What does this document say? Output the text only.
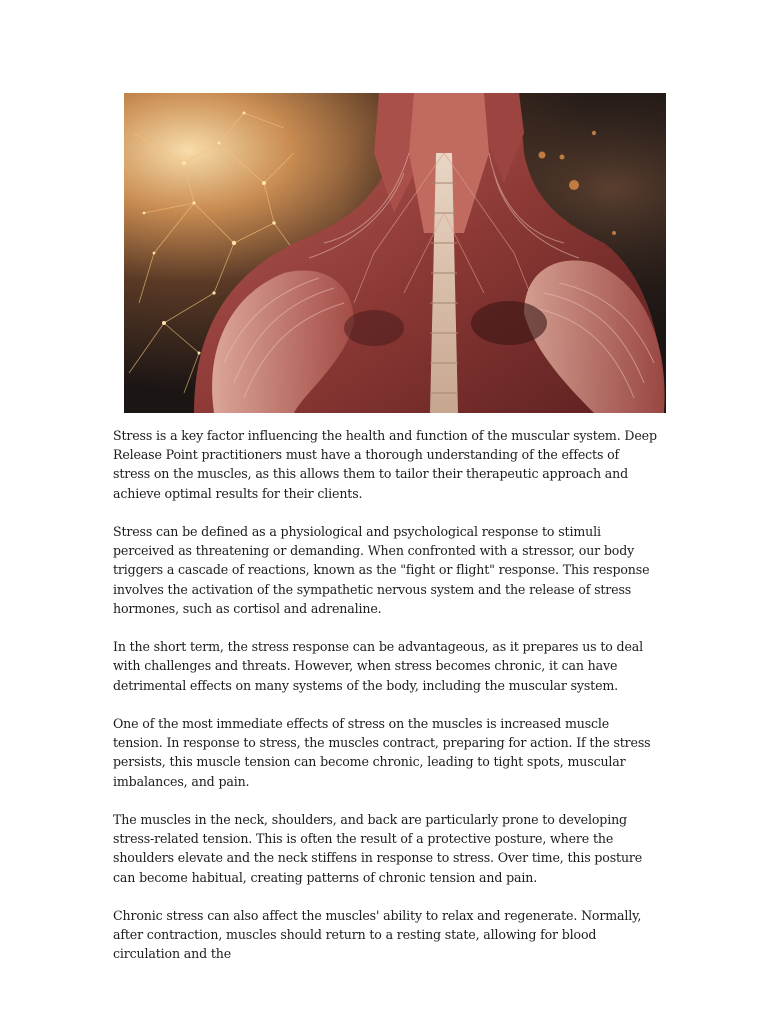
Stress is a key factor influencing the health and function of the muscular system. Deep Release Point practitioners must have a thorough understanding of the effects of stress on the muscles, as this allows them to tailor their therapeutic approach and achieve optimal results for their clients.

Stress can be defined as a physiological and psychological response to stimuli perceived as threatening or demanding. When confronted with a stressor, our body triggers a cascade of reactions, known as the "fight or flight" response. This response involves the activation of the sympathetic nervous system and the release of stress hormones, such as cortisol and adrenaline.

In the short term, the stress response can be advantageous, as it prepares us to deal with challenges and threats. However, when stress becomes chronic, it can have detrimental effects on many systems of the body, including the muscular system.

One of the most immediate effects of stress on the muscles is increased muscle tension. In response to stress, the muscles contract, preparing for action. If the stress persists, this muscle tension can become chronic, leading to tight spots, muscular imbalances, and pain.

The muscles in the neck, shoulders, and back are particularly prone to developing stress-related tension. This is often the result of a protective posture, where the shoulders elevate and the neck stiffens in response to stress. Over time, this posture can become habitual, creating patterns of chronic tension and pain.

Chronic stress can also affect the muscles' ability to relax and regenerate. Normally, after contraction, muscles should return to a resting state, allowing for blood circulation and the
